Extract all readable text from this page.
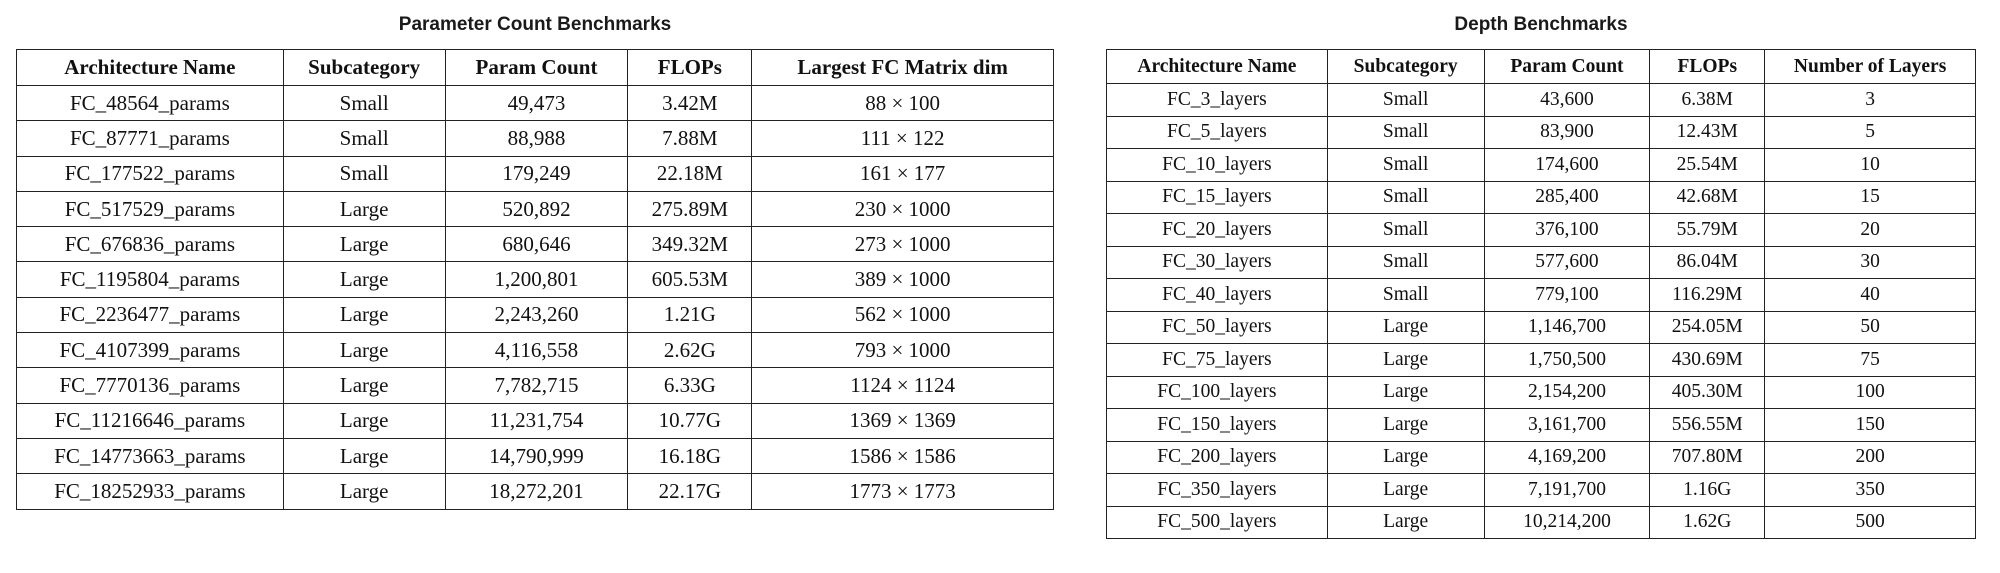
Parameter Count Benchmarks
Architecture Name	Subcategory	Param Count	FLOPs	Largest FC Matrix dim
FC_48564_params	Small	49,473	3.42M	88 × 100
FC_87771_params	Small	88,988	7.88M	111 × 122
FC_177522_params	Small	179,249	22.18M	161 × 177
FC_517529_params	Large	520,892	275.89M	230 × 1000
FC_676836_params	Large	680,646	349.32M	273 × 1000
FC_1195804_params	Large	1,200,801	605.53M	389 × 1000
FC_2236477_params	Large	2,243,260	1.21G	562 × 1000
FC_4107399_params	Large	4,116,558	2.62G	793 × 1000
FC_7770136_params	Large	7,782,715	6.33G	1124 × 1124
FC_11216646_params	Large	11,231,754	10.77G	1369 × 1369
FC_14773663_params	Large	14,790,999	16.18G	1586 × 1586
FC_18252933_params	Large	18,272,201	22.17G	1773 × 1773
Depth Benchmarks
Architecture Name	Subcategory	Param Count	FLOPs	Number of Layers
FC_3_layers	Small	43,600	6.38M	3
FC_5_layers	Small	83,900	12.43M	5
FC_10_layers	Small	174,600	25.54M	10
FC_15_layers	Small	285,400	42.68M	15
FC_20_layers	Small	376,100	55.79M	20
FC_30_layers	Small	577,600	86.04M	30
FC_40_layers	Small	779,100	116.29M	40
FC_50_layers	Large	1,146,700	254.05M	50
FC_75_layers	Large	1,750,500	430.69M	75
FC_100_layers	Large	2,154,200	405.30M	100
FC_150_layers	Large	3,161,700	556.55M	150
FC_200_layers	Large	4,169,200	707.80M	200
FC_350_layers	Large	7,191,700	1.16G	350
FC_500_layers	Large	10,214,200	1.62G	500
